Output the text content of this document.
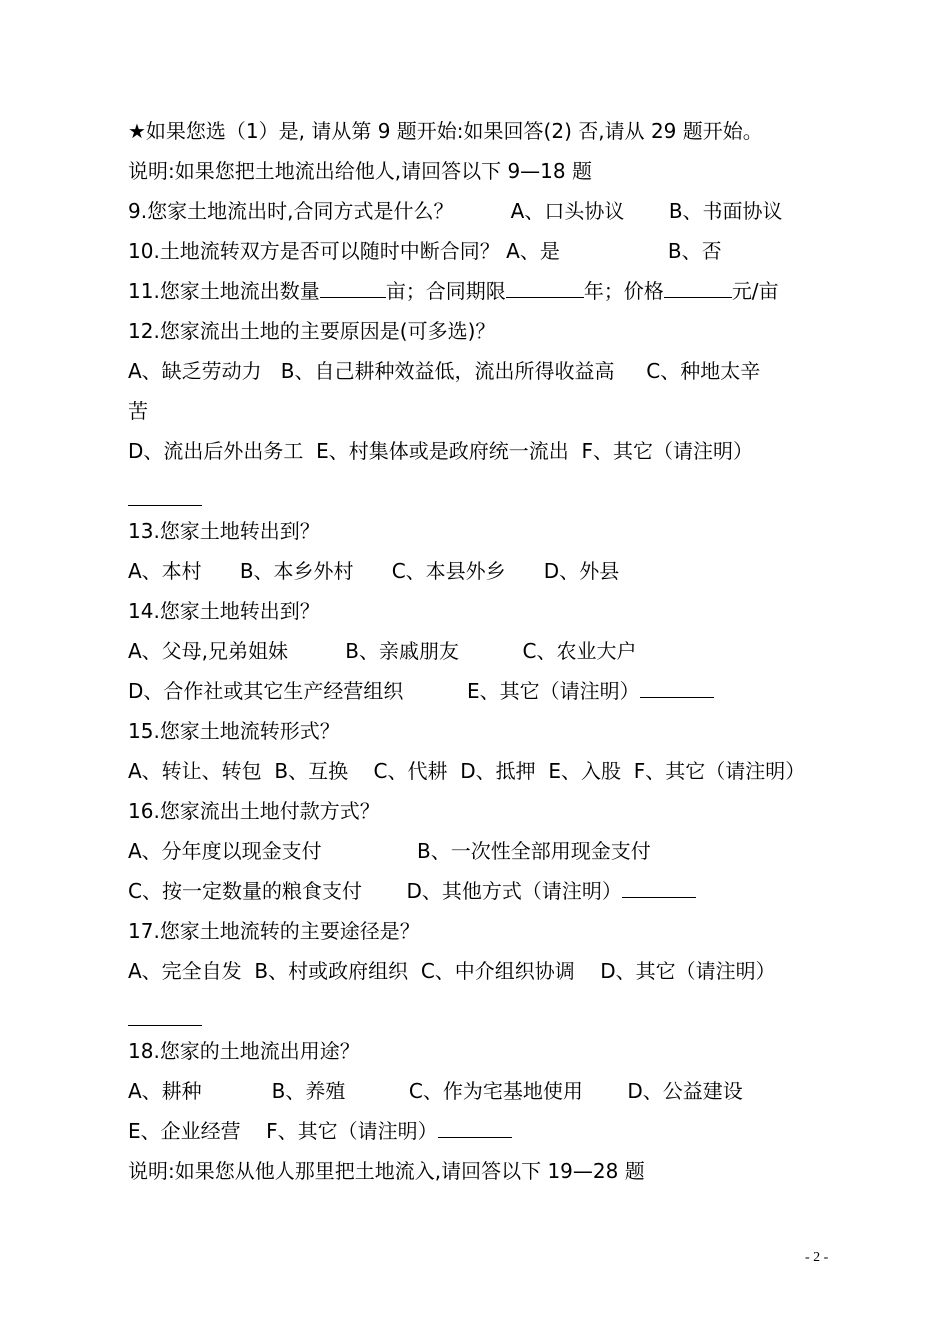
★如果您选（1）是, 请从第 9 题开始:如果回答(2) 否,请从 29 题开始。
说明:如果您把土地流出给他人,请回答以下 9—18 题
9.您家土地流出时,合同方式是什么？         A、口头协议       B、书面协议
10.土地流转双方是否可以随时中断合同？ A、是                 B、否
11.您家土地流出数量	亩；合同期限	年；价格	元/亩
12.您家流出土地的主要原因是(可多选)？
A、缺乏劳动力   B、自己耕种效益低，流出所得收益高     C、种地太辛
苦
D、流出后外出务工  E、村集体或是政府统一流出  F、其它（请注明）
13.您家土地转出到？
A、本村      B、本乡外村      C、本县外乡      D、外县
14.您家土地转出到？
A、父母,兄弟姐妹         B、亲戚朋友          C、农业大户
D、合作社或其它生产经营组织          E、其它（请注明）
15.您家土地流转形式？
A、转让、转包  B、互换    C、代耕  D、抵押  E、入股  F、其它（请注明）
16.您家流出土地付款方式？
A、分年度以现金支付               B、一次性全部用现金支付
C、按一定数量的粮食支付       D、其他方式（请注明）
17.您家土地流转的主要途径是？
A、完全自发  B、村或政府组织  C、中介组织协调    D、其它（请注明）
18.您家的土地流出用途？
A、耕种           B、养殖          C、作为宅基地使用       D、公益建设
E、企业经营    F、其它（请注明）
说明:如果您从他人那里把土地流入,请回答以下 19—28 题
- 2 -
